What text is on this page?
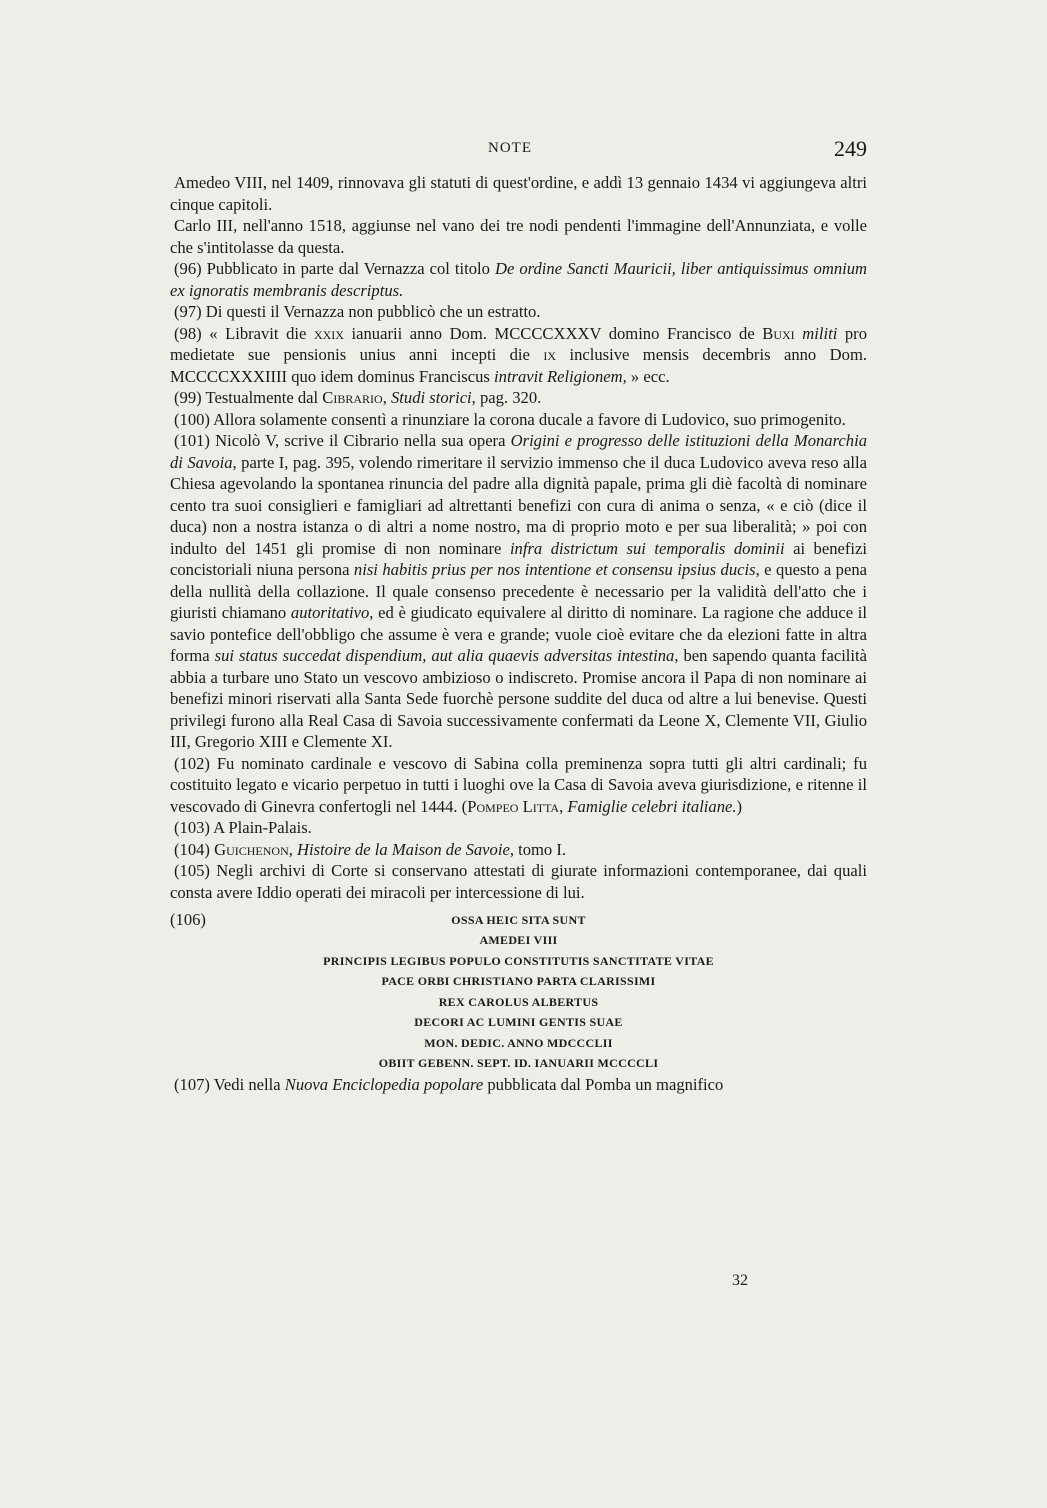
NOTE	249

Amedeo VIII, nel 1409, rinnovava gli statuti di quest'ordine, e addì 13 gennaio 1434 vi aggiungeva altri cinque capitoli.

Carlo III, nell'anno 1518, aggiunse nel vano dei tre nodi pendenti l'immagine dell'Annunziata, e volle che s'intitolasse da questa.

(96) Pubblicato in parte dal Vernazza col titolo De ordine Sancti Mauricii, liber antiquissimus omnium ex ignoratis membranis descriptus.

(97) Di questi il Vernazza non pubblicò che un estratto.

(98) « Libravit die xxix ianuarii anno Dom. MCCCCXXXV domino Francisco de Buxi militi pro medietate sue pensionis unius anni incepti die ix inclusive mensis decembris anno Dom. MCCCCXXXIIII quo idem dominus Franciscus intravit Religionem, » ecc.

(99) Testualmente dal Cibrario, Studi storici, pag. 320.

(100) Allora solamente consentì a rinunziare la corona ducale a favore di Ludovico, suo primogenito.

(101) Nicolò V, scrive il Cibrario nella sua opera Origini e progresso delle istituzioni della Monarchia di Savoia, parte I, pag. 395, volendo rimeritare il servizio immenso che il duca Ludovico aveva reso alla Chiesa agevolando la spontanea rinuncia del padre alla dignità papale, prima gli diè facoltà di nominare cento tra suoi consiglieri e famigliari ad altrettanti benefizi con cura di anima o senza, « e ciò (dice il duca) non a nostra istanza o di altri a nome nostro, ma di proprio moto e per sua liberalità; » poi con indulto del 1451 gli promise di non nominare infra districtum sui temporalis dominii ai benefizi concistoriali niuna persona nisi habitis prius per nos intentione et consensu ipsius ducis, e questo a pena della nullità della collazione. Il quale consenso precedente è necessario per la validità dell'atto che i giuristi chiamano autoritativo, ed è giudicato equivalere al diritto di nominare. La ragione che adduce il savio pontefice dell'obbligo che assume è vera e grande; vuole cioè evitare che da elezioni fatte in altra forma sui status succedat dispendium, aut alia quaevis adversitas intestina, ben sapendo quanta facilità abbia a turbare uno Stato un vescovo ambizioso o indiscreto. Promise ancora il Papa di non nominare ai benefizi minori riservati alla Santa Sede fuorchè persone suddite del duca od altre a lui benevise. Questi privilegi furono alla Real Casa di Savoia successivamente confermati da Leone X, Clemente VII, Giulio III, Gregorio XIII e Clemente XI.

(102) Fu nominato cardinale e vescovo di Sabina colla preminenza sopra tutti gli altri cardinali; fu costituito legato e vicario perpetuo in tutti i luoghi ove la Casa di Savoia aveva giurisdizione, e ritenne il vescovado di Ginevra confertogli nel 1444. (Pompeo Litta, Famiglie celebri italiane.)

(103) A Plain-Palais.

(104) Guichenon, Histoire de la Maison de Savoie, tomo I.

(105) Negli archivi di Corte si conservano attestati di giurate informazioni contemporanee, dai quali consta avere Iddio operati dei miracoli per intercessione di lui.

(106)	OSSA HEIC SITA SUNT
AMEDEI VIII
PRINCIPIS LEGIBUS POPULO CONSTITUTIS SANCTITATE VITAE
PACE ORBI CHRISTIANO PARTA CLARISSIMI
REX CAROLUS ALBERTUS
DECORI AC LUMINI GENTIS SUAE
MON. DEDIC. ANNO MDCCCLII
OBIIT GEBENN. SEPT. ID. IANUARII MCCCCLI

(107) Vedi nella Nuova Enciclopedia popolare pubblicata dal Pomba un magnifico

32
